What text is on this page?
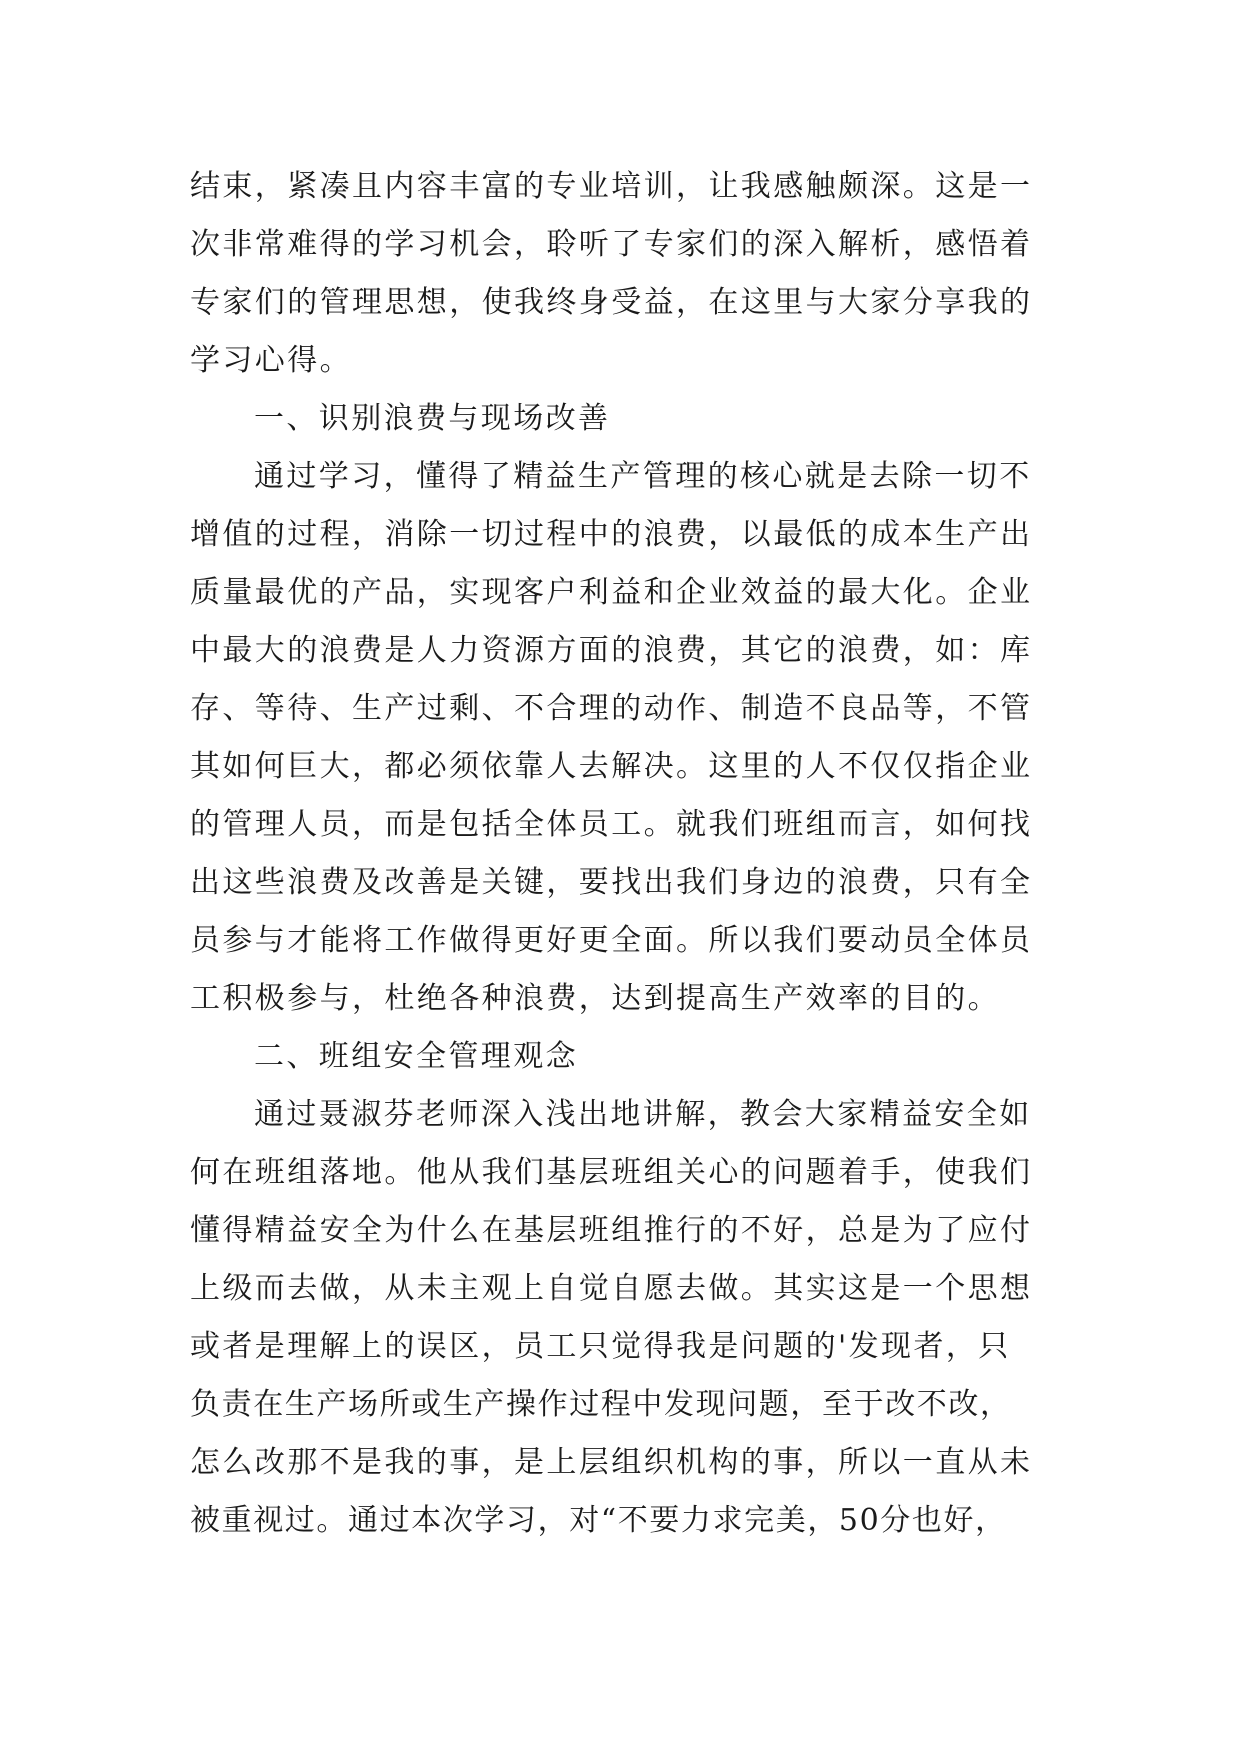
结束，紧凑且内容丰富的专业培训，让我感触颇深。这是一
次非常难得的学习机会，聆听了专家们的深入解析，感悟着
专家们的管理思想，使我终身受益，在这里与大家分享我的
学习心得。
一、识别浪费与现场改善
通过学习，懂得了精益生产管理的核心就是去除一切不
增值的过程，消除一切过程中的浪费，以最低的成本生产出
质量最优的产品，实现客户利益和企业效益的最大化。企业
中最大的浪费是人力资源方面的浪费，其它的浪费，如：库
存、等待、生产过剩、不合理的动作、制造不良品等，不管
其如何巨大，都必须依靠人去解决。这里的人不仅仅指企业
的管理人员，而是包括全体员工。就我们班组而言，如何找
出这些浪费及改善是关键，要找出我们身边的浪费，只有全
员参与才能将工作做得更好更全面。所以我们要动员全体员
工积极参与，杜绝各种浪费，达到提高生产效率的目的。
二、班组安全管理观念
通过聂淑芬老师深入浅出地讲解，教会大家精益安全如
何在班组落地。他从我们基层班组关心的问题着手，使我们
懂得精益安全为什么在基层班组推行的不好，总是为了应付
上级而去做，从未主观上自觉自愿去做。其实这是一个思想
或者是理解上的误区，员工只觉得我是问题的'发现者，只
负责在生产场所或生产操作过程中发现问题，至于改不改，
怎么改那不是我的事，是上层组织机构的事，所以一直从未
被重视过。通过本次学习，对“不要力求完美，50分也好，
